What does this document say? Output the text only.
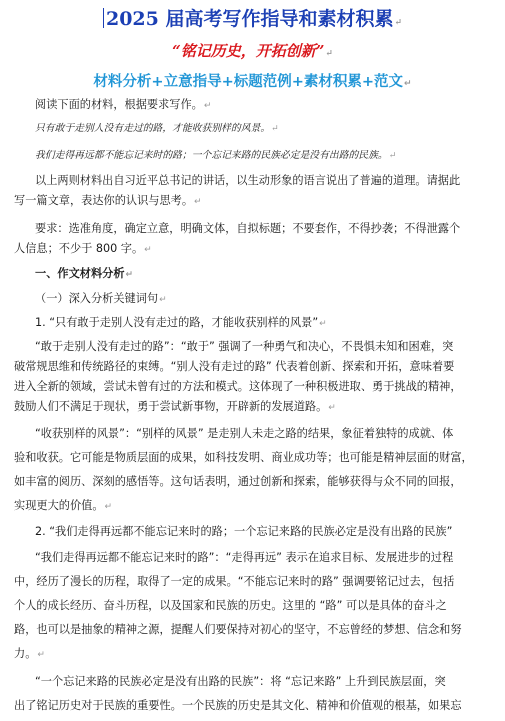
2025 届高考写作指导和素材积累↵
“铭记历史，开拓创新”↵
材料分析+立意指导+标题范例+素材积累+范文↵
阅读下面的材料，根据要求写作。↵
只有敢于走别人没有走过的路，才能收获别样的风景。↵
我们走得再远都不能忘记来时的路；一个忘记来路的民族必定是没有出路的民族。↵
以上两则材料出自习近平总书记的讲话，以生动形象的语言说出了普遍的道理。请据此
写一篇文章，表达你的认识与思考。↵
要求：选准角度，确定立意，明确文体，自拟标题；不要套作，不得抄袭；不得泄露个
人信息；不少于 800 字。↵
一、作文材料分析↵
（一）深入分析关键词句↵
1. “只有敢于走别人没有走过的路，才能收获别样的风景”↵
“敢于走别人没有走过的路”：“敢于” 强调了一种勇气和决心，不畏惧未知和困难，突
破常规思维和传统路径的束缚。“别人没有走过的路” 代表着创新、探索和开拓，意味着要
进入全新的领域，尝试未曾有过的方法和模式。这体现了一种积极进取、勇于挑战的精神，
鼓励人们不满足于现状，勇于尝试新事物，开辟新的发展道路。↵
“收获别样的风景”：“别样的风景” 是走别人未走之路的结果，象征着独特的成就、体
验和收获。它可能是物质层面的成果，如科技发明、商业成功等；也可能是精神层面的财富，
如丰富的阅历、深刻的感悟等。这句话表明，通过创新和探索，能够获得与众不同的回报，
实现更大的价值。↵
2. “我们走得再远都不能忘记来时的路；一个忘记来路的民族必定是没有出路的民族”
“我们走得再远都不能忘记来时的路”：“走得再远” 表示在追求目标、发展进步的过程
中，经历了漫长的历程，取得了一定的成果。“不能忘记来时的路” 强调要铭记过去，包括
个人的成长经历、奋斗历程，以及国家和民族的历史。这里的 “路” 可以是具体的奋斗之
路，也可以是抽象的精神之源，提醒人们要保持对初心的坚守，不忘曾经的梦想、信念和努
力。↵
“一个忘记来路的民族必定是没有出路的民族”：将 “忘记来路” 上升到民族层面，突
出了铭记历史对于民族的重要性。一个民族的历史是其文化、精神和价值观的根基，如果忘
